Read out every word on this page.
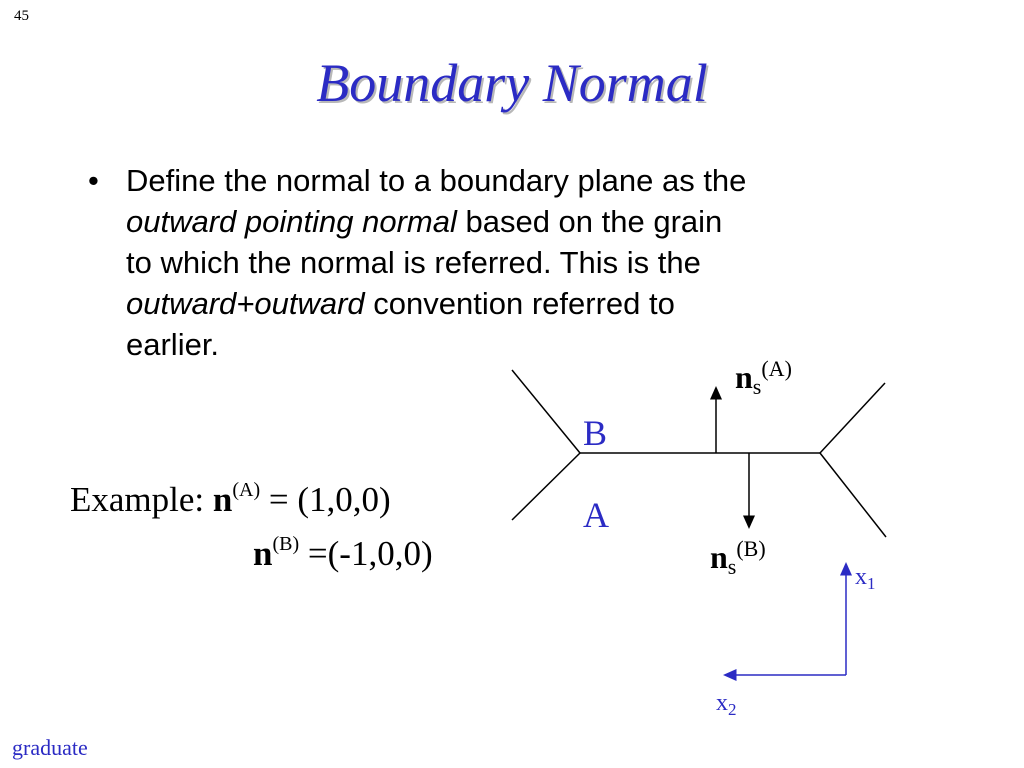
45
Boundary Normal
• Define the normal to a boundary plane as the
outward pointing normal based on the grain
to which the normal is referred. This is the
outward+outward convention referred to
earlier.
Example: $n^{(A)} = (1,0,0)$
$n^{(B)} =(-1,0,0)$
B
A
$n_s^{(A)}$
$n_s^{(B)}$
$x_1$
$x_2$
graduate
